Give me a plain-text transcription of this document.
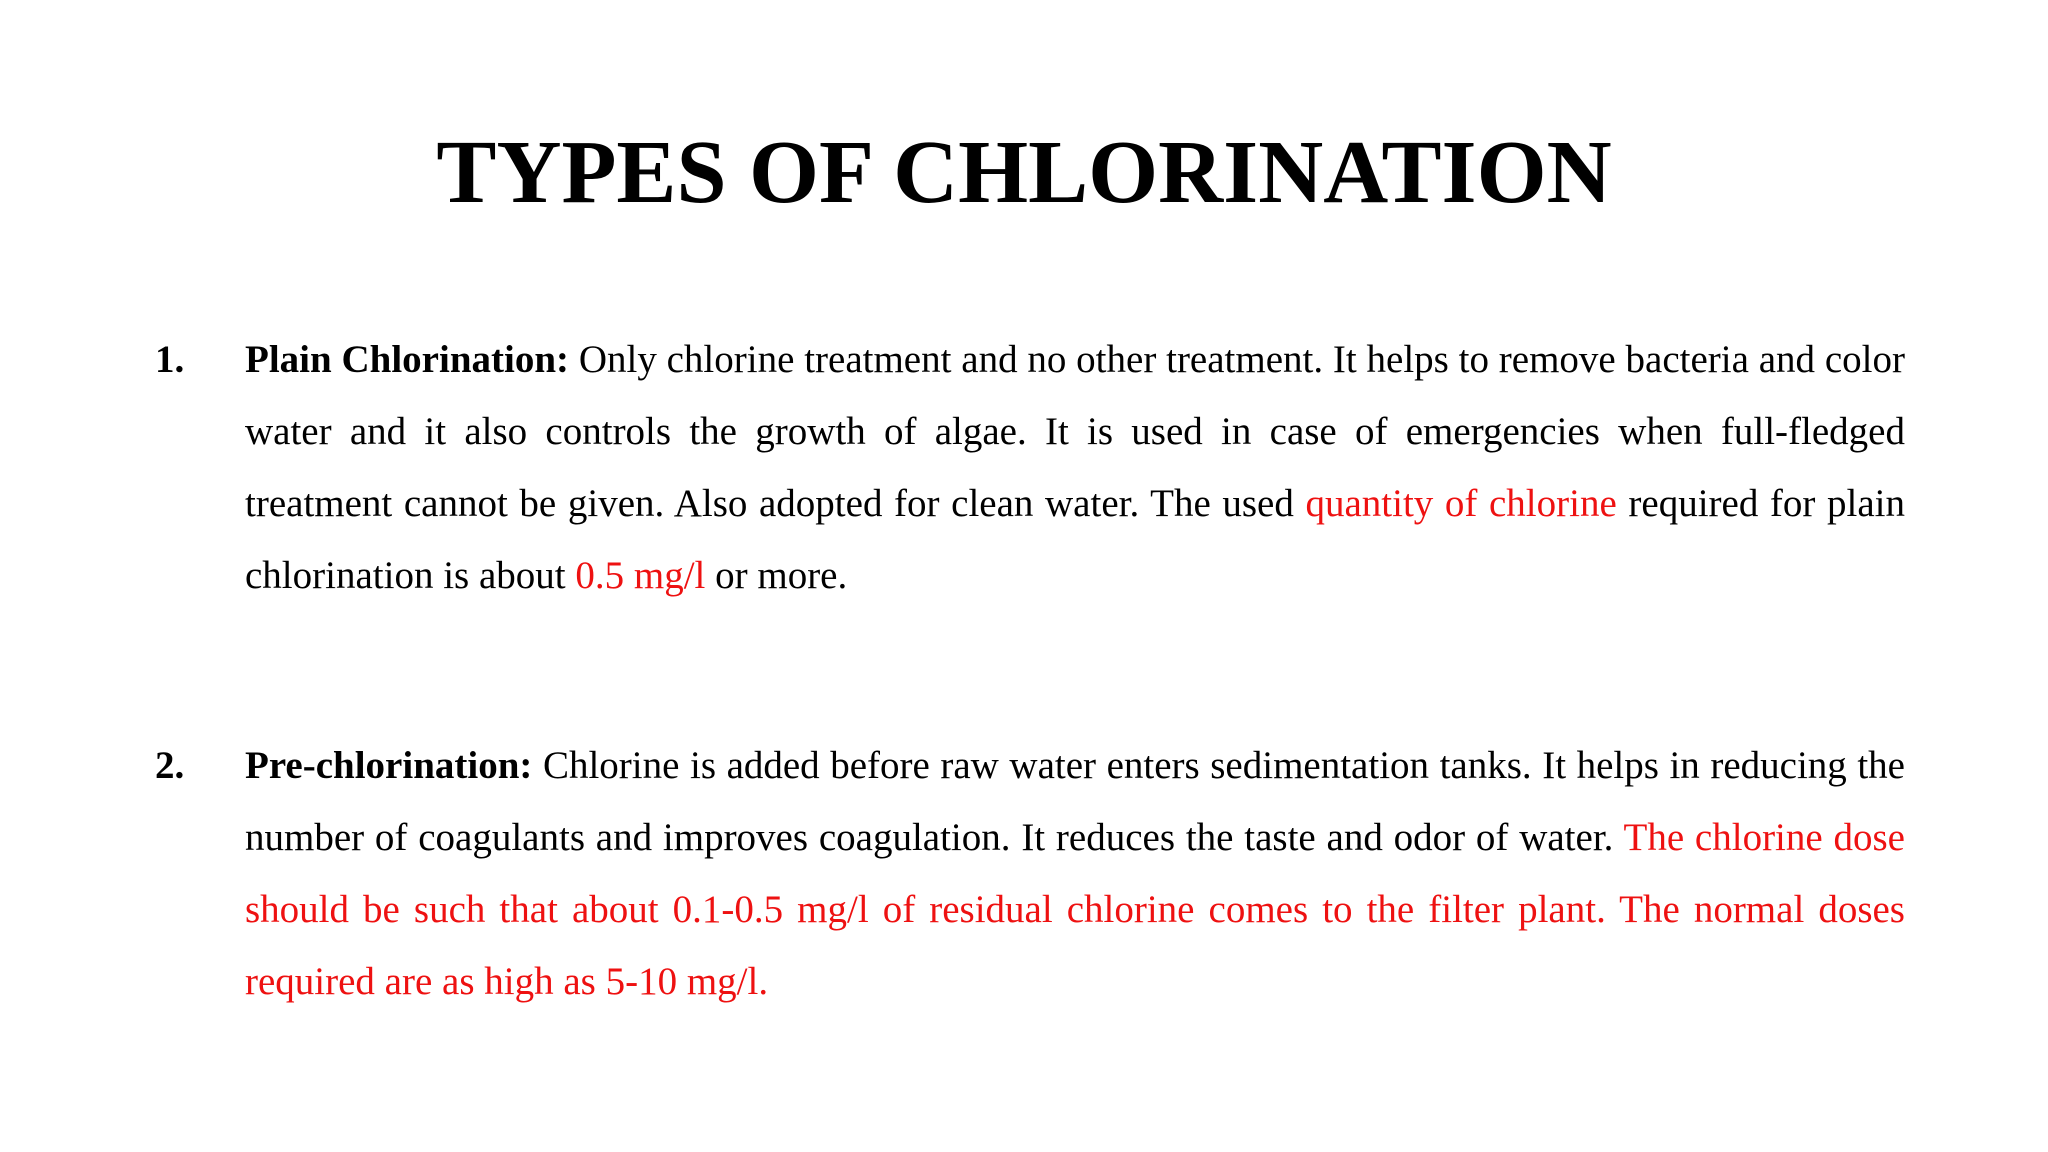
TYPES OF CHLORINATION
1.	Plain Chlorination: Only chlorine treatment and no other treatment. It helps to remove bacteria and color water and it also controls the growth of algae. It is used in case of emergencies when full-fledged treatment cannot be given. Also adopted for clean water. The used quantity of chlorine required for plain chlorination is about 0.5 mg/l or more.

2.	Pre-chlorination: Chlorine is added before raw water enters sedimentation tanks. It helps in reducing the number of coagulants and improves coagulation. It reduces the taste and odor of water. The chlorine dose should be such that about 0.1-0.5 mg/l of residual chlorine comes to the filter plant. The normal doses required are as high as 5-10 mg/l.
